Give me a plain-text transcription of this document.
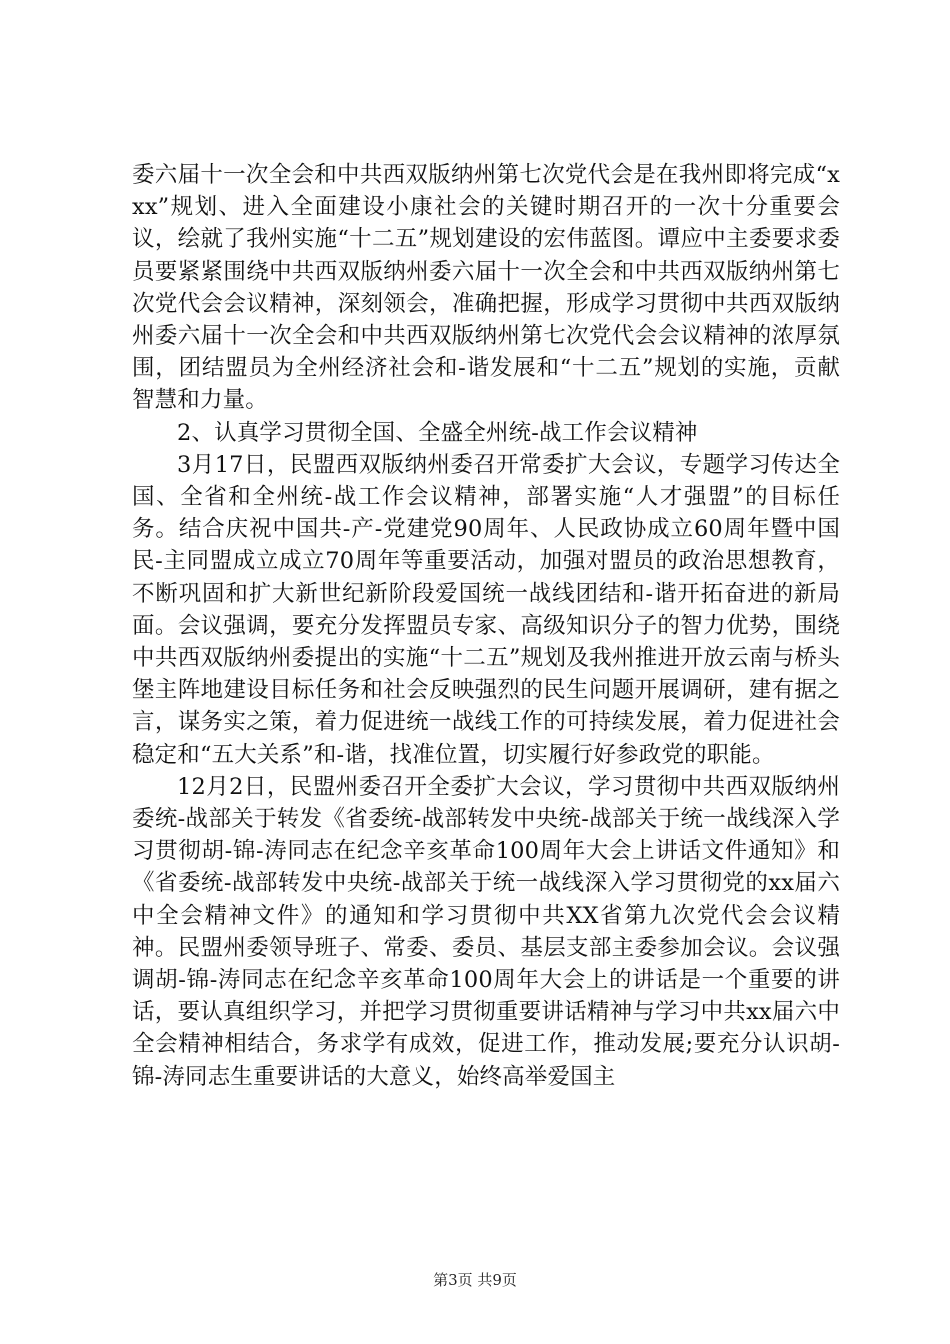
委六届十一次全会和中共西双版纳州第七次党代会是在我州即将完成“xxx”规划、进入全面建设小康社会的关键时期召开的一次十分重要会议，绘就了我州实施“十二五”规划建设的宏伟蓝图。谭应中主委要求委员要紧紧围绕中共西双版纳州委六届十一次全会和中共西双版纳州第七次党代会会议精神，深刻领会，准确把握，形成学习贯彻中共西双版纳州委六届十一次全会和中共西双版纳州第七次党代会会议精神的浓厚氛围，团结盟员为全州经济社会和-谐发展和“十二五”规划的实施，贡献智慧和力量。

2、认真学习贯彻全国、全盛全州统-战工作会议精神

3月17日，民盟西双版纳州委召开常委扩大会议，专题学习传达全国、全省和全州统-战工作会议精神，部署实施“人才强盟”的目标任务。结合庆祝中国共-产-党建党90周年、人民政协成立60周年暨中国民-主同盟成立成立70周年等重要活动，加强对盟员的政治思想教育，不断巩固和扩大新世纪新阶段爱国统一战线团结和-谐开拓奋进的新局面。会议强调，要充分发挥盟员专家、高级知识分子的智力优势，围绕中共西双版纳州委提出的实施“十二五”规划及我州推进开放云南与桥头堡主阵地建设目标任务和社会反映强烈的民生问题开展调研，建有据之言，谋务实之策，着力促进统一战线工作的可持续发展，着力促进社会稳定和“五大关系”和-谐，找准位置，切实履行好参政党的职能。

12月2日，民盟州委召开全委扩大会议，学习贯彻中共西双版纳州委统-战部关于转发《省委统-战部转发中央统-战部关于统一战线深入学习贯彻胡-锦-涛同志在纪念辛亥革命100周年大会上讲话文件通知》和《省委统-战部转发中央统-战部关于统一战线深入学习贯彻党的xx届六中全会精神文件》的通知和学习贯彻中共XX省第九次党代会会议精神。民盟州委领导班子、常委、委员、基层支部主委参加会议。会议强调胡-锦-涛同志在纪念辛亥革命100周年大会上的讲话是一个重要的讲话，要认真组织学习，并把学习贯彻重要讲话精神与学习中共xx届六中全会精神相结合，务求学有成效，促进工作，推动发展;要充分认识胡-锦-涛同志生重要讲话的大意义，始终高举爱国主

第3页 共9页
